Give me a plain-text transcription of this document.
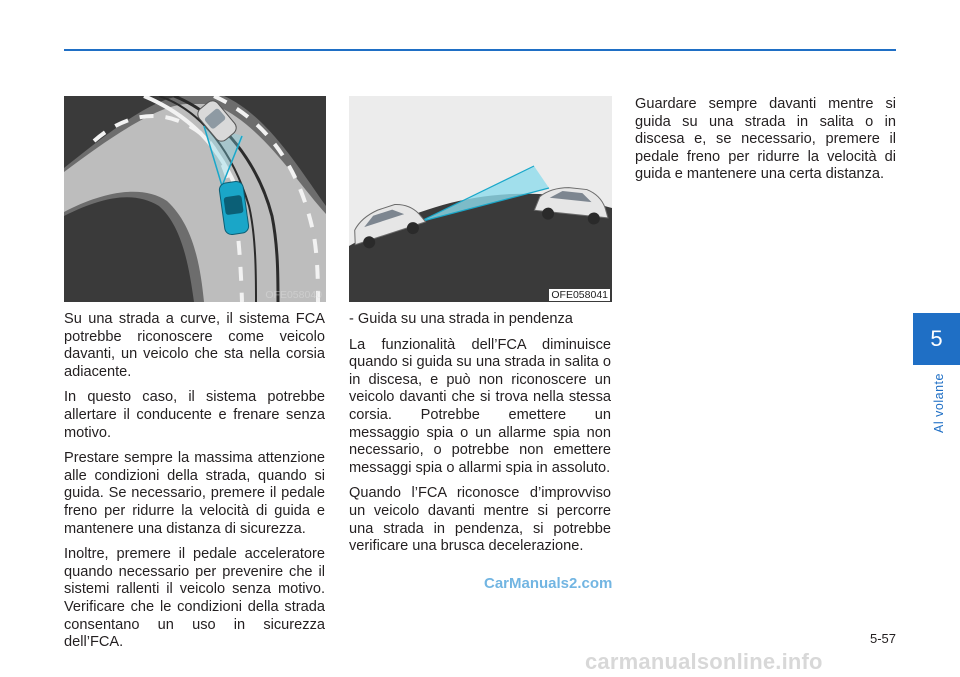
OFE058040	OFE058041

Su una strada a curve, il sistema FCA potrebbe riconoscere come veicolo davanti, un veicolo che sta nella corsia adiacente.

In questo caso, il sistema potrebbe allertare il conducente e frenare senza motivo.

Prestare sempre la massima attenzione alle condizioni della strada, quando si guida. Se necessario, premere il pedale freno per ridurre la velocità di guida e mantenere una distanza di sicurezza.

Inoltre, premere il pedale acceleratore quando necessario per prevenire che il sistemi rallenti il veicolo senza motivo. Verificare che le condizioni della strada consentano un uso in sicurezza dell’FCA.

- Guida su una strada in pendenza

La funzionalità dell’FCA diminuisce quando si guida su una strada in salita o in discesa, e può non riconoscere un veicolo davanti che si trova nella stessa corsia. Potrebbe emettere un messaggio spia o un allarme spia non necessario, o potrebbe non emettere messaggi spia o allarmi spia in assoluto.

Quando l’FCA riconosce d’improvviso un veicolo davanti mentre si percorre una strada in pendenza, si potrebbe verificare una brusca decelerazione.

Guardare sempre davanti mentre si guida su una strada in salita o in discesa e, se necessario, premere il pedale freno per ridurre la velocità di guida e mantenere una certa distanza.

5
Al volante
CarManuals2.com
5-57
carmanualsonline.info
